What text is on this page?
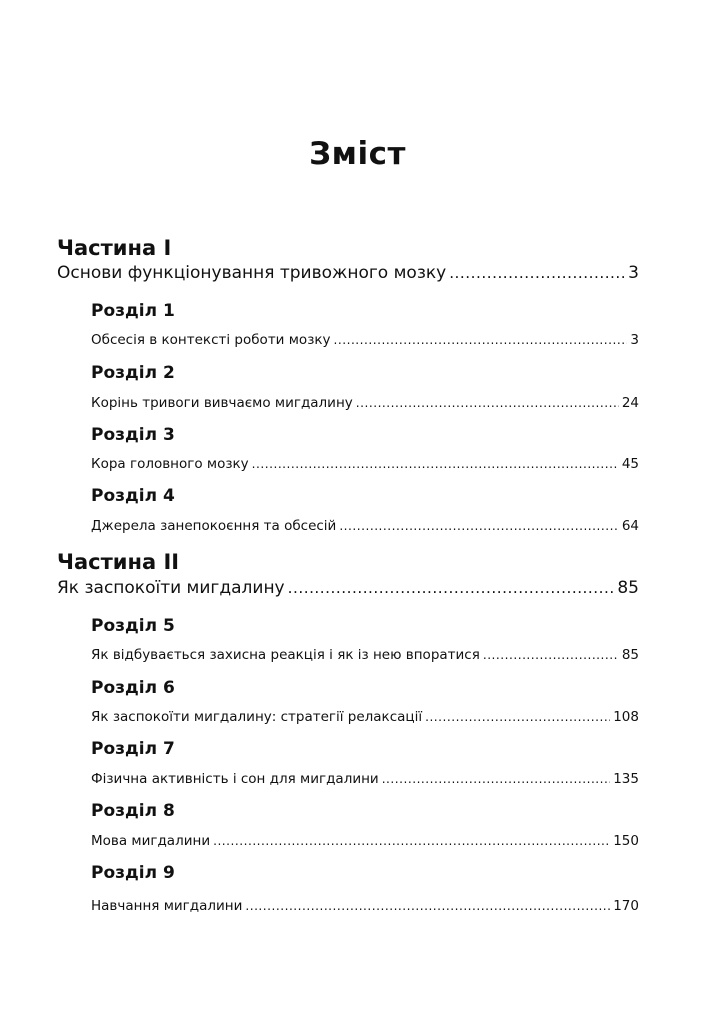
Зміст
Частина I
Основи функціонування тривожного мозку .....	3
Розділ 1
Обсесія в контексті роботи мозку .....	3
Розділ 2
Корінь тривоги вивчаємо мигдалину .....	24
Розділ 3
Кора головного мозку .....	45
Розділ 4
Джерела занепокоєння та обсесій .....	64
Частина II
Як заспокоїти мигдалину .....	85
Розділ 5
Як відбувається захисна реакція і як із нею впоратися .....	85
Розділ 6
Як заспокоїти мигдалину: стратегії релаксації .....	108
Розділ 7
Фізична активність і сон для мигдалини .....	135
Розділ 8
Мова мигдалини .....	150
Розділ 9
Навчання мигдалини .....	170
